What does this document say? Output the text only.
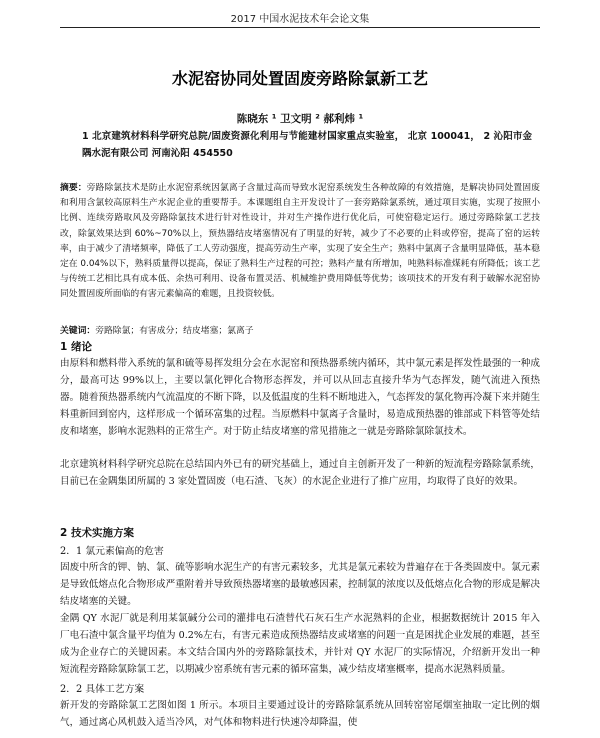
2017 中国水泥技术年会论文集
水泥窑协同处置固废旁路除氯新工艺
陈晓东 ¹ 卫文明 ² 郝利炜 ¹
1 北京建筑材料科学研究总院/固废资源化利用与节能建材国家重点实验室， 北京 100041， 2 沁阳市金隅水泥有限公司 河南沁阳 454550
摘要：旁路除氯技术是防止水泥窑系统因氯离子含量过高而导致水泥窑系统发生各种故障的有效措施，是解决协同处置固废和利用含氯较高原料生产水泥企业的重要帮手。本课题组自主开发设计了一套旁路除氯系统，通过项目实施，实现了按照小比例、连续旁路取风及旁路除氯技术进行针对性设计，并对生产操作进行优化后，可使窑稳定运行。通过旁路除氯工艺技改，除氯效果达到 60%~70%以上，预热器结皮堵塞情况有了明显的好转，减少了不必要的止料或停窑，提高了窑的运转率，由于减少了清堵频率，降低了工人劳动强度，提高劳动生产率，实现了安全生产；熟料中氯离子含量明显降低，基本稳定在 0.04%以下，熟料质量得以提高，保证了熟料生产过程的可控；熟料产量有所增加，吨熟料标准煤耗有所降低；该工艺与传统工艺相比具有成本低、余热可利用、设备布置灵活、机械维护费用降低等优势；该项技术的开发有利于破解水泥窑协同处置固废所面临的有害元素偏高的难题，且投资较低。
关键词：旁路除氯；有害成分；结皮堵塞；氯离子
1 绪论
由原料和燃料带入系统的氯和硫等易挥发组分会在水泥窑和预热器系统内循环，其中氯元素是挥发性最强的一种成分，最高可达 99%以上，主要以氯化钾化合物形态挥发，并可以从回志直接升华为气态挥发，随气流进入预热器。随着预热器系统内气流温度的不断下降，以及低温度的生料不断地进入，气态挥发的氯化物再冷凝下来并随生料重新回到窑内，这样形成一个循环富集的过程。当原燃料中氯离子含量时，易造成预热器的锥部或下料管等处结皮和堵塞，影响水泥熟料的正常生产。对于防止结皮堵塞的常见措施之一就是旁路除氯除氯技术。
北京建筑材料科学研究总院在总结国内外已有的研究基础上，通过自主创新开发了一种新的短流程旁路除氯系统，目前已在金隅集团所属的 3 家处置固废（电石渣、飞灰）的水泥企业进行了推广应用，均取得了良好的效果。
2 技术实施方案
2．1 氯元素偏高的危害
固废中所含的钾、钠、氯、硫等影响水泥生产的有害元素较多，尤其是氯元素较为普遍存在于各类固废中。氯元素是导致低熔点化合物形成严重附着并导致预热器堵塞的最敏感因素，控制氯的浓度以及低熔点化合物的形成是解决结皮堵塞的关键。
金隅 QY 水泥厂就是利用某氯碱分公司的灌排电石渣替代石灰石生产水泥熟料的企业，根据数据统计 2015 年入厂电石渣中氯含量平均值为 0.2%左右，有害元素造成预热器结皮或堵塞的问题一直是困扰企业发展的难题，甚至成为企业存亡的关键因素。本文结合国内外的旁路除氯技术，并针对 QY 水泥厂的实际情况，介绍新开发出一种短流程旁路除氯除氯工艺，以期减少窑系统有害元素的循环富集，减少结皮堵塞概率，提高水泥熟料质量。
2．2 具体工艺方案
新开发的旁路除氯工艺图如图 1 所示。本项目主要通过设计的旁路除氯系统从回转窑窑尾烟室抽取一定比例的烟气，通过离心风机鼓入适当冷风，对气体和物料进行快速冷却降温，使
